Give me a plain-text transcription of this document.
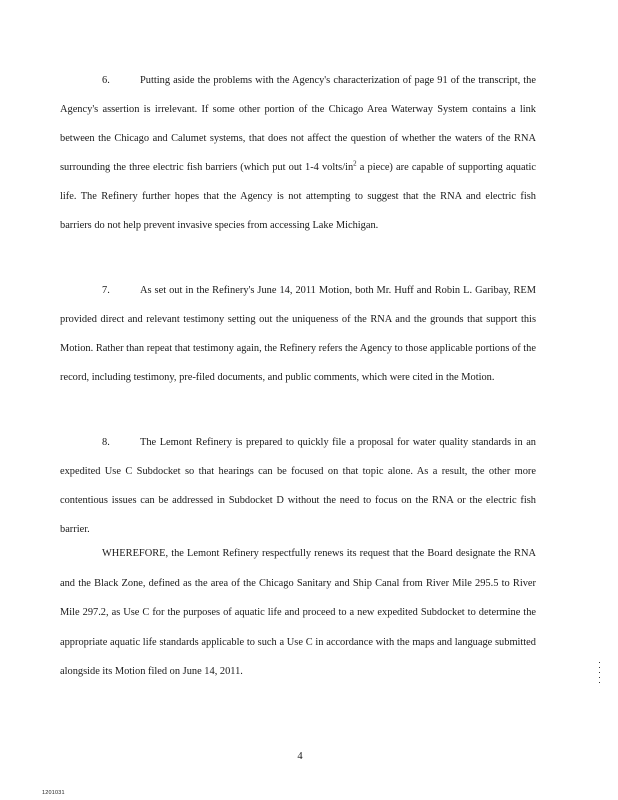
6.	Putting aside the problems with the Agency's characterization of page 91 of the transcript, the Agency's assertion is irrelevant. If some other portion of the Chicago Area Waterway System contains a link between the Chicago and Calumet systems, that does not affect the question of whether the waters of the RNA surrounding the three electric fish barriers (which put out 1-4 volts/$in^2$ a piece) are capable of supporting aquatic life. The Refinery further hopes that the Agency is not attempting to suggest that the RNA and electric fish barriers do not help prevent invasive species from accessing Lake Michigan.

7.	As set out in the Refinery's June 14, 2011 Motion, both Mr. Huff and Robin L. Garibay, REM provided direct and relevant testimony setting out the uniqueness of the RNA and the grounds that support this Motion. Rather than repeat that testimony again, the Refinery refers the Agency to those applicable portions of the record, including testimony, pre-filed documents, and public comments, which were cited in the Motion.

8.	The Lemont Refinery is prepared to quickly file a proposal for water quality standards in an expedited Use C Subdocket so that hearings can be focused on that topic alone. As a result, the other more contentious issues can be addressed in Subdocket D without the need to focus on the RNA or the electric fish barrier.

WHEREFORE, the Lemont Refinery respectfully renews its request that the Board designate the RNA and the Black Zone, defined as the area of the Chicago Sanitary and Ship Canal from River Mile 295.5 to River Mile 297.2, as Use C for the purposes of aquatic life and proceed to a new expedited Subdocket to determine the appropriate aquatic life standards applicable to such a Use C in accordance with the maps and language submitted alongside its Motion filed on June 14, 2011.

4
1201031
